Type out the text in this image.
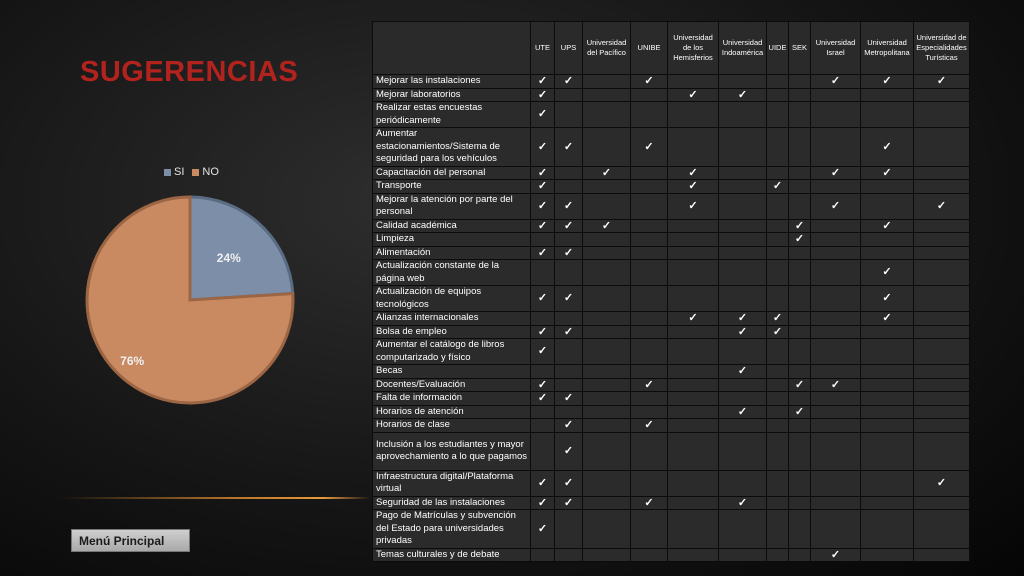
SUGERENCIAS
SI NO
24%
76%
	UTE	UPS	Universidad del Pacífico	UNIBE	Universidad de los Hemisferios	Universidad Indoamérica	UIDE	SEK	Universidad Israel	Universidad Metropolitana	Universidad de Especialidades Turísticas
Mejorar las instalaciones	✓	✓		✓					✓	✓	✓
Mejorar laboratorios	✓				✓	✓					
Realizar estas encuestas periódicamente	✓										
Aumentar estacionamientos/Sistema de seguridad para los vehículos	✓	✓		✓						✓	
Capacitación del personal	✓		✓		✓				✓	✓	
Transporte	✓				✓		✓				
Mejorar la atención por parte del personal	✓	✓			✓				✓		✓
Calidad académica	✓	✓	✓					✓		✓	
Limpieza								✓			
Alimentación	✓	✓									
Actualización constante de la página web										✓	
Actualización de equipos tecnológicos	✓	✓								✓	
Alianzas internacionales					✓	✓	✓			✓	
Bolsa de empleo	✓	✓				✓	✓				
Aumentar el catálogo de libros computarizado y físico	✓										
Becas						✓					
Docentes/Evaluación	✓			✓				✓	✓		
Falta de información	✓	✓									
Horarios de atención						✓		✓			
Horarios de clase		✓		✓							
Inclusión a los estudiantes y mayor aprovechamiento a lo que pagamos		✓									
Infraestructura digital/Plataforma virtual	✓	✓									✓
Seguridad de las instalaciones	✓	✓		✓		✓					
Pago de Matrículas y subvención del Estado para universidades privadas	✓										
Temas culturales y de debate									✓		
Menú Principal
